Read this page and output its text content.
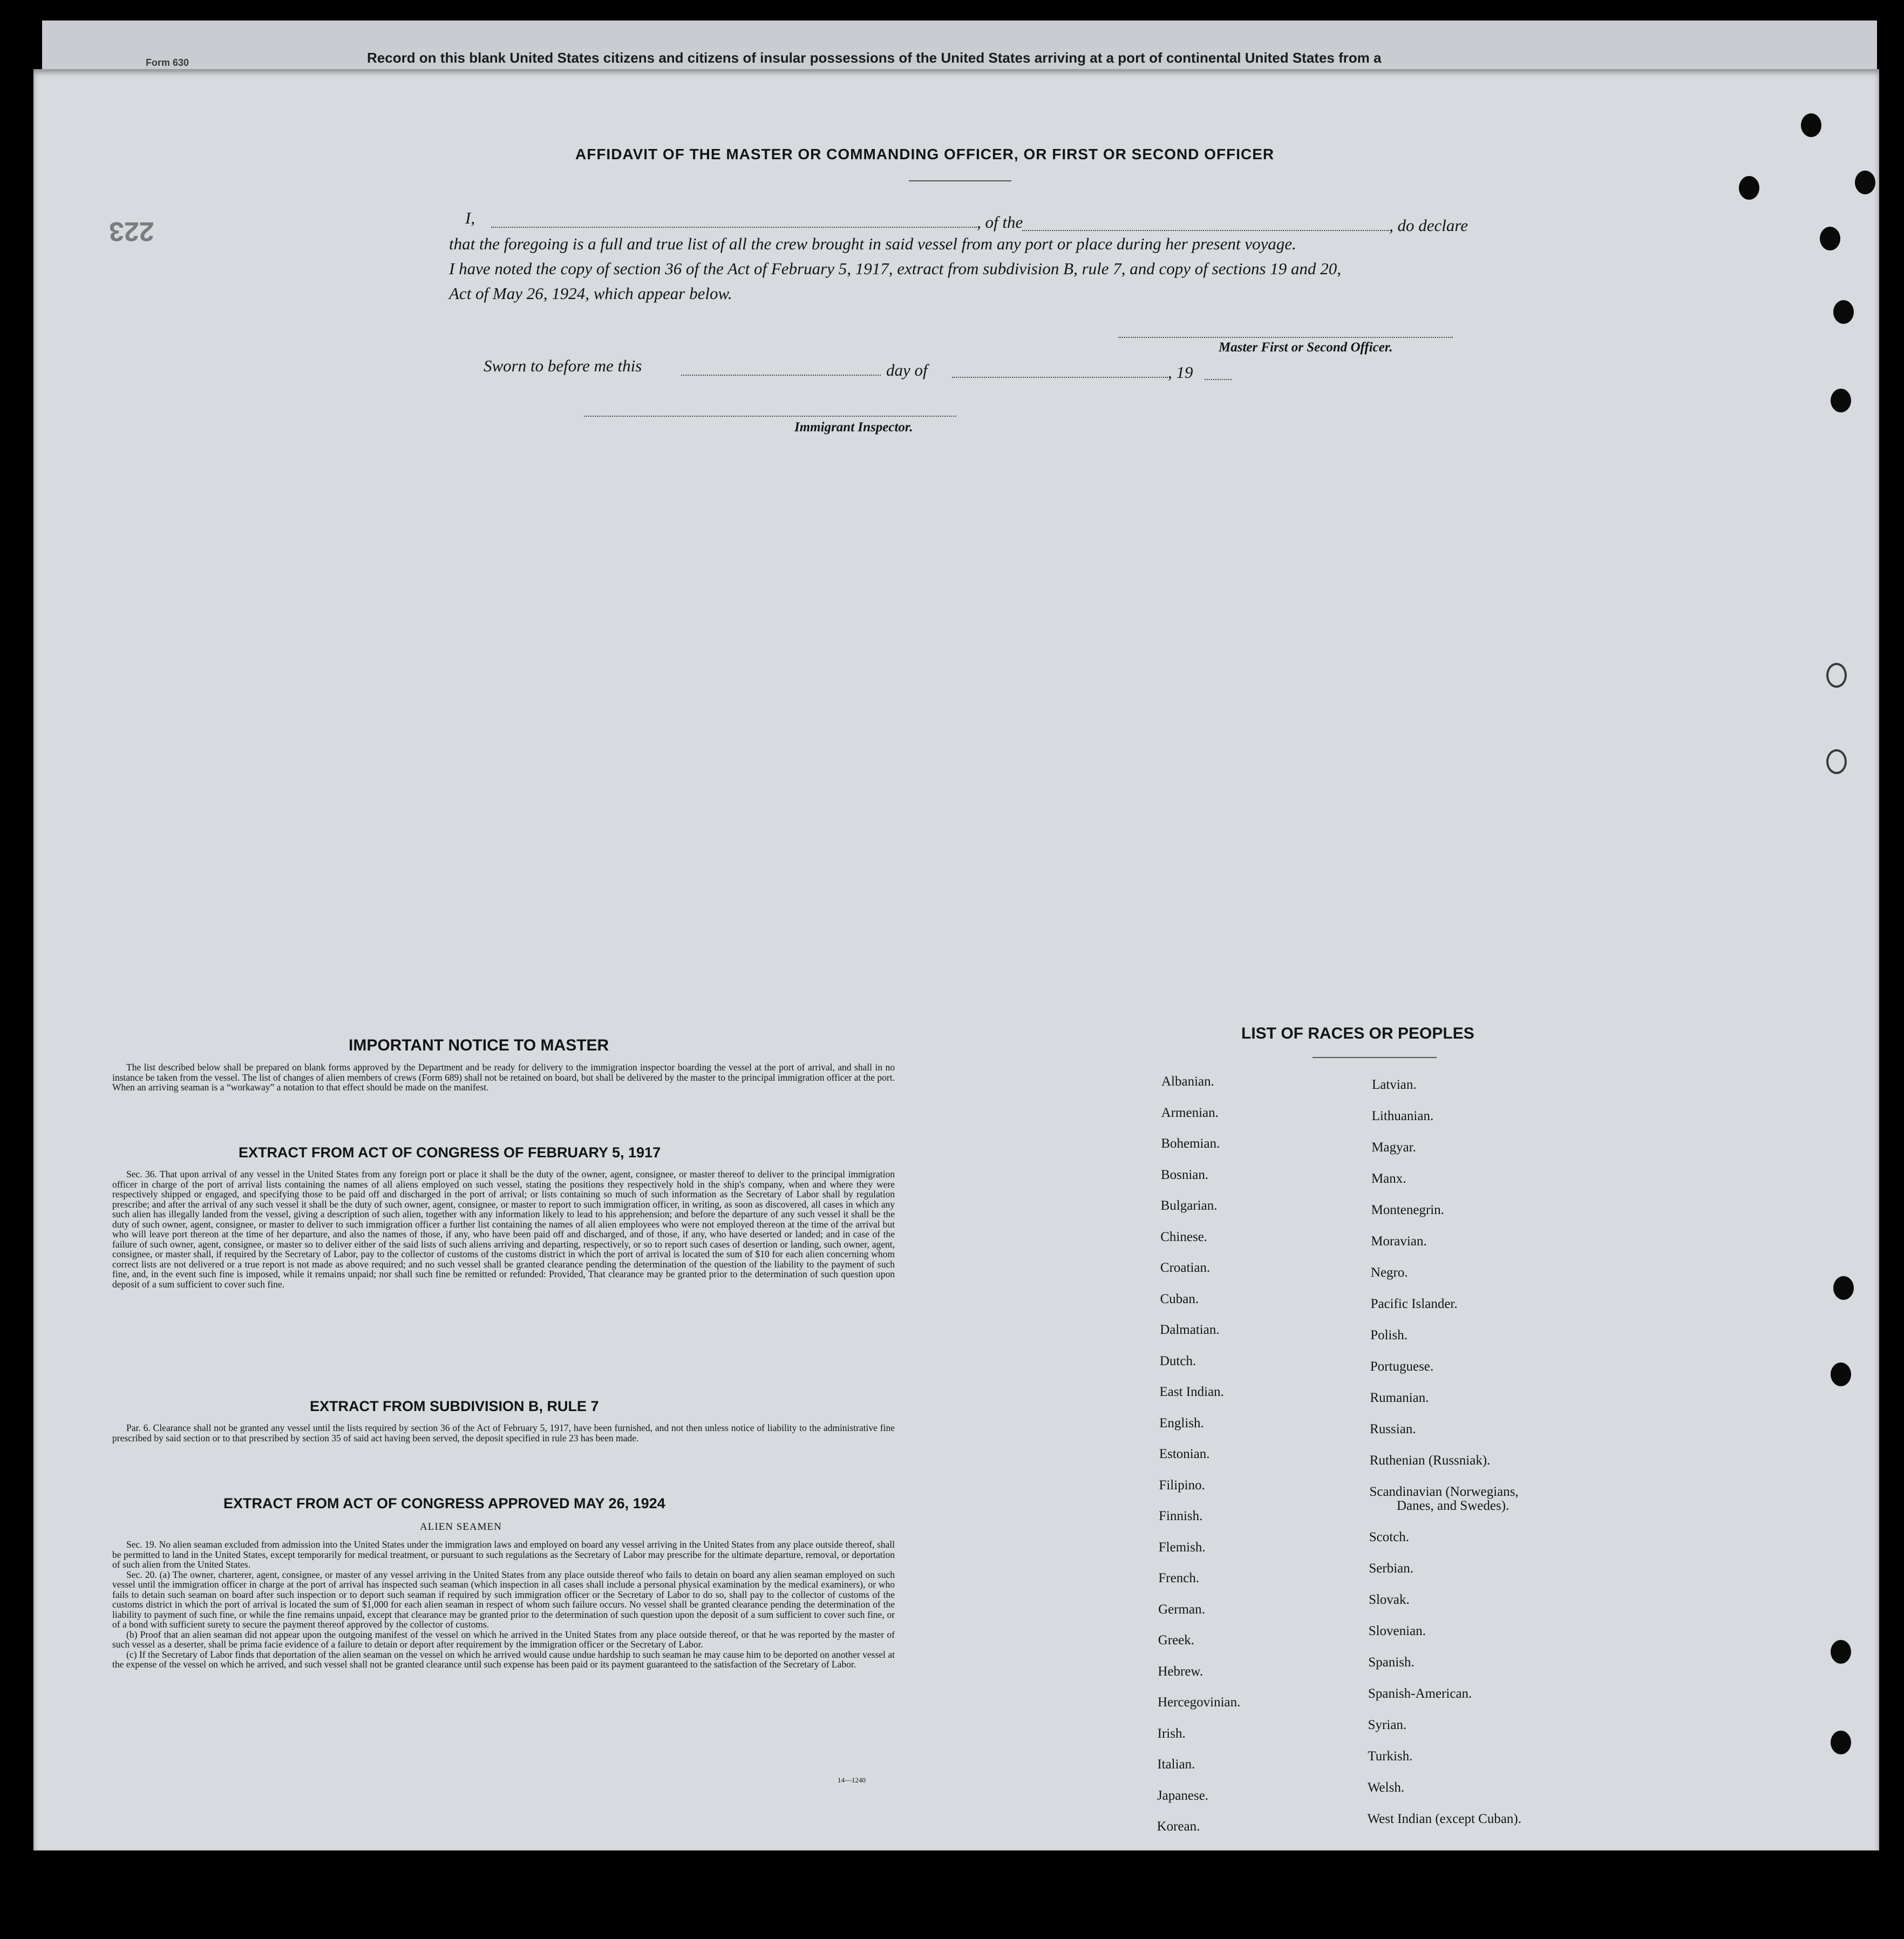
Form 630	Record on this blank United States citizens and citizens of insular possessions of the United States arriving at a port of continental United States from a
223
AFFIDAVIT OF THE MASTER OR COMMANDING OFFICER, OR FIRST OR SECOND OFFICER
I,	, of the	, do declare
that the foregoing is a full and true list of all the crew brought in said vessel from any port or place during her present voyage.
I have noted the copy of section 36 of the Act of February 5, 1917, extract from subdivision B, rule 7, and copy of sections 19 and 20,
Act of May 26, 1924, which appear below.
Master First or Second Officer.
Sworn to before me this	day of	, 19
Immigrant Inspector.
IMPORTANT NOTICE TO MASTER

The list described below shall be prepared on blank forms approved by the Department and be ready for delivery to the immigration inspector boarding the vessel at the port of arrival, and shall in no instance be taken from the vessel. The list of changes of alien members of crews (Form 689) shall not be retained on board, but shall be delivered by the master to the principal immigration officer at the port. When an arriving seaman is a “workaway” a notation to that effect should be made on the manifest.

EXTRACT FROM ACT OF CONGRESS OF FEBRUARY 5, 1917

Sec. 36. That upon arrival of any vessel in the United States from any foreign port or place it shall be the duty of the owner, agent, consignee, or master thereof to deliver to the principal immigration officer in charge of the port of arrival lists containing the names of all aliens employed on such vessel, stating the positions they respectively hold in the ship's company, when and where they were respectively shipped or engaged, and specifying those to be paid off and discharged in the port of arrival; or lists containing so much of such information as the Secretary of Labor shall by regulation prescribe; and after the arrival of any such vessel it shall be the duty of such owner, agent, consignee, or master to report to such immigration officer, in writing, as soon as discovered, all cases in which any such alien has illegally landed from the vessel, giving a description of such alien, together with any information likely to lead to his apprehension; and before the departure of any such vessel it shall be the duty of such owner, agent, consignee, or master to deliver to such immigration officer a further list containing the names of all alien employees who were not employed thereon at the time of the arrival but who will leave port thereon at the time of her departure, and also the names of those, if any, who have been paid off and discharged, and of those, if any, who have deserted or landed; and in case of the failure of such owner, agent, consignee, or master so to deliver either of the said lists of such aliens arriving and departing, respectively, or so to report such cases of desertion or landing, such owner, agent, consignee, or master shall, if required by the Secretary of Labor, pay to the collector of customs of the customs district in which the port of arrival is located the sum of $10 for each alien concerning whom correct lists are not delivered or a true report is not made as above required; and no such vessel shall be granted clearance pending the determination of the question of the liability to the payment of such fine, and, in the event such fine is imposed, while it remains unpaid; nor shall such fine be remitted or refunded: Provided, That clearance may be granted prior to the determination of such question upon deposit of a sum sufficient to cover such fine.

EXTRACT FROM SUBDIVISION B, RULE 7

Par. 6. Clearance shall not be granted any vessel until the lists required by section 36 of the Act of February 5, 1917, have been furnished, and not then unless notice of liability to the administrative fine prescribed by said section or to that prescribed by section 35 of said act having been served, the deposit specified in rule 23 has been made.

EXTRACT FROM ACT OF CONGRESS APPROVED MAY 26, 1924
ALIEN SEAMEN

Sec. 19. No alien seaman excluded from admission into the United States under the immigration laws and employed on board any vessel arriving in the United States from any place outside thereof, shall be permitted to land in the United States, except temporarily for medical treatment, or pursuant to such regulations as the Secretary of Labor may prescribe for the ultimate departure, removal, or deportation of such alien from the United States.

Sec. 20. (a) The owner, charterer, agent, consignee, or master of any vessel arriving in the United States from any place outside thereof who fails to detain on board any alien seaman employed on such vessel until the immigration officer in charge at the port of arrival has inspected such seaman (which inspection in all cases shall include a personal physical examination by the medical examiners), or who fails to detain such seaman on board after such inspection or to deport such seaman if required by such immigration officer or the Secretary of Labor to do so, shall pay to the collector of customs of the customs district in which the port of arrival is located the sum of $1,000 for each alien seaman in respect of whom such failure occurs. No vessel shall be granted clearance pending the determination of the liability to payment of such fine, or while the fine remains unpaid, except that clearance may be granted prior to the determination of such question upon the deposit of a sum sufficient to cover such fine, or of a bond with sufficient surety to secure the payment thereof approved by the collector of customs.

(b) Proof that an alien seaman did not appear upon the outgoing manifest of the vessel on which he arrived in the United States from any place outside thereof, or that he was reported by the master of such vessel as a deserter, shall be prima facie evidence of a failure to detain or deport after requirement by the immigration officer or the Secretary of Labor.

(c) If the Secretary of Labor finds that deportation of the alien seaman on the vessel on which he arrived would cause undue hardship to such seaman he may cause him to be deported on another vessel at the expense of the vessel on which he arrived, and such vessel shall not be granted clearance until such expense has been paid or its payment guaranteed to the satisfaction of the Secretary of Labor.

14—1240
LIST OF RACES OR PEOPLES
Albanian.
Armenian.
Bohemian.
Bosnian.
Bulgarian.
Chinese.
Croatian.
Cuban.
Dalmatian.
Dutch.
East Indian.
English.
Estonian.
Filipino.
Finnish.
Flemish.
French.
German.
Greek.
Hebrew.
Hercegovinian.
Irish.
Italian.
Japanese.
Korean.
Latvian.
Lithuanian.
Magyar.
Manx.
Montenegrin.
Moravian.
Negro.
Pacific Islander.
Polish.
Portuguese.
Rumanian.
Russian.
Ruthenian (Russniak).
Scandinavian (Norwegians,
Danes, and Swedes).
Scotch.
Serbian.
Slovak.
Slovenian.
Spanish.
Spanish-American.
Syrian.
Turkish.
Welsh.
West Indian (except Cuban).
